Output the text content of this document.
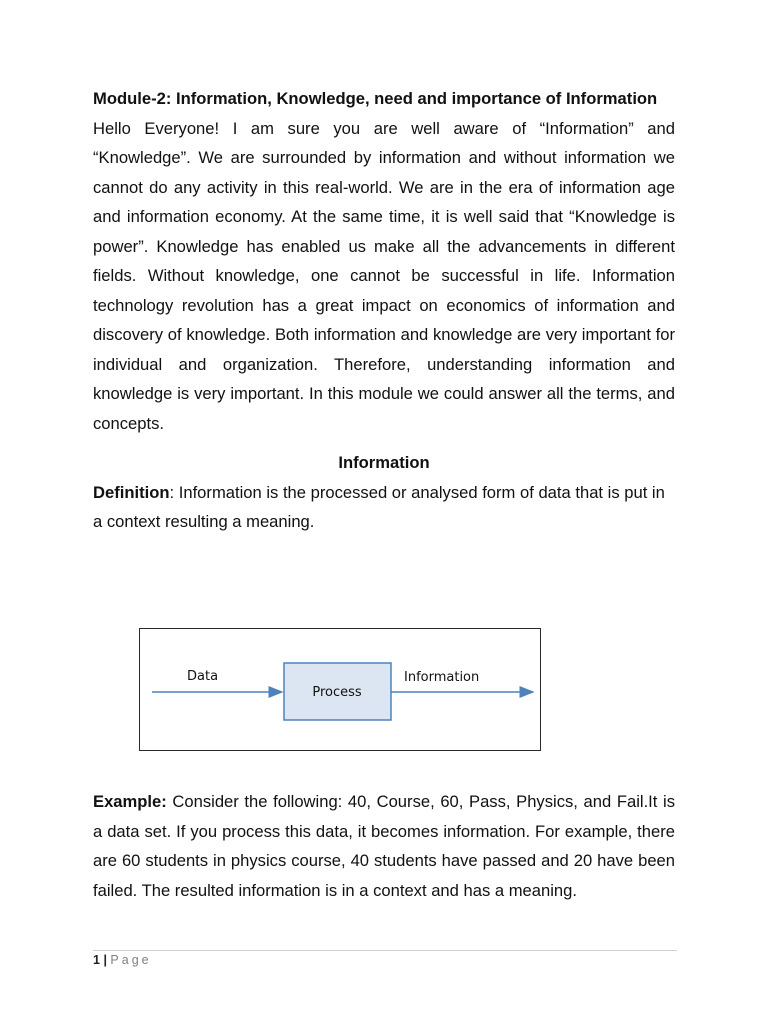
Module-2: Information, Knowledge, need and importance of Information

Hello Everyone! I am sure you are well aware of “Information” and “Knowledge”. We are surrounded by information and without information we cannot do any activity in this real-world. We are in the era of information age and information economy. At the same time, it is well said that “Knowledge is power”. Knowledge has enabled us make all the advancements in different fields. Without knowledge, one cannot be successful in life. Information technology revolution has a great impact on economics of information and discovery of knowledge. Both information and knowledge are very important for individual and organization. Therefore, understanding information and knowledge is very important. In this module we could answer all the terms, and concepts.

Information

Definition: Information is the processed or analysed form of data that is put in a context resulting a meaning.

Data
Process
Information

Example: Consider the following: 40, Course, 60, Pass, Physics, and Fail.It is a data set. If you process this data, it becomes information. For example, there are 60 students in physics course, 40 students have passed and 20 have been failed. The resulted information is in a context and has a meaning.

1 | Page
